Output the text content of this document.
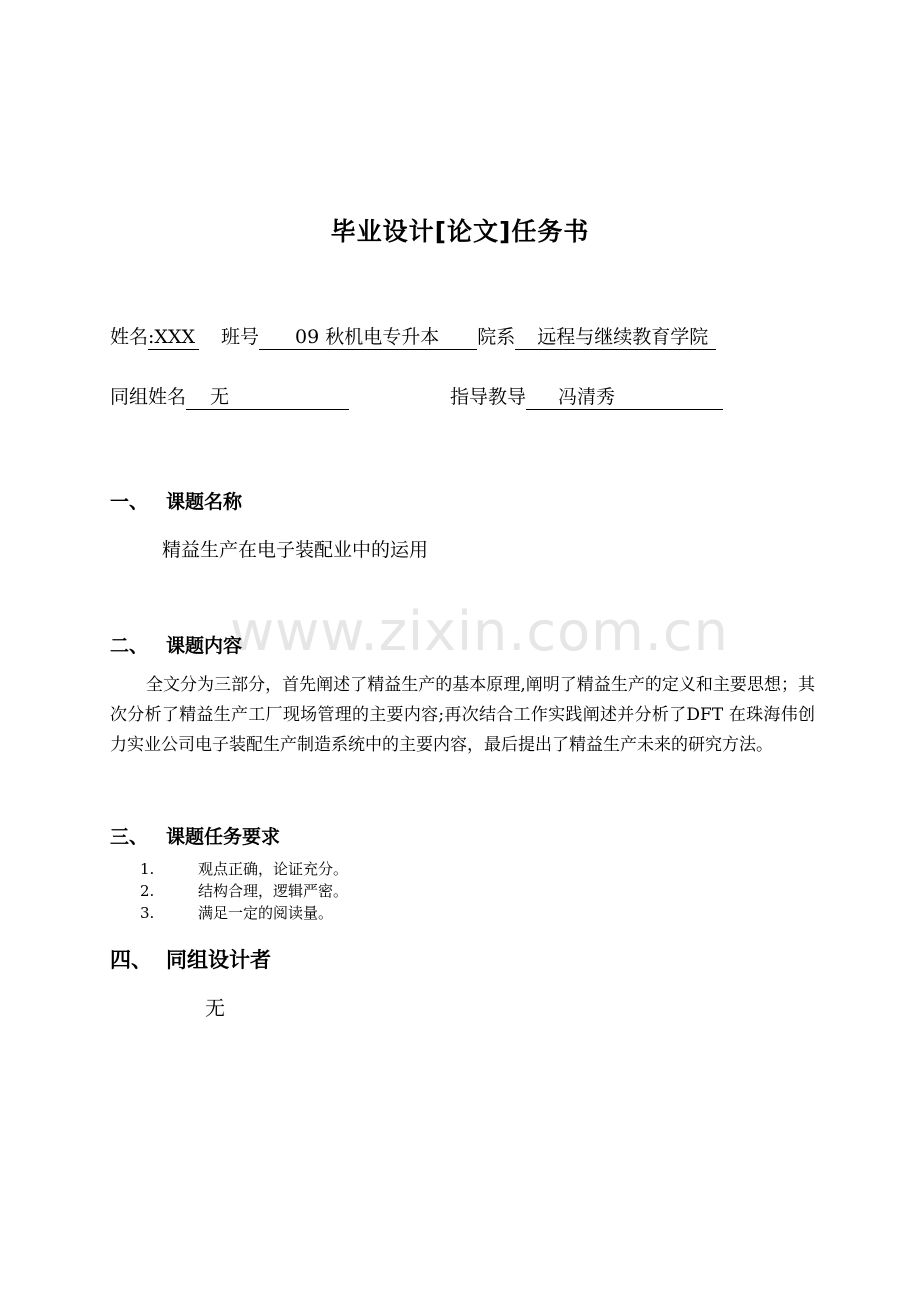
www.zixin.com.cn
毕业设计[论文]任务书
姓名:XXX 班号 09 秋机电专升本 院系 远程与继续教育学院
同组姓名 无	指导教导 冯清秀
一、 课题名称
精益生产在电子装配业中的运用
二、 课题内容
全文分为三部分，首先阐述了精益生产的基本原理,阐明了精益生产的定义和主要思想；其次分析了精益生产工厂现场管理的主要内容;再次结合工作实践阐述并分析了DFT 在珠海伟创力实业公司电子装配生产制造系统中的主要内容，最后提出了精益生产未来的研究方法。
三、 课题任务要求
1.	观点正确，论证充分。
2.	结构合理，逻辑严密。
3.	满足一定的阅读量。
四、 同组设计者
无
